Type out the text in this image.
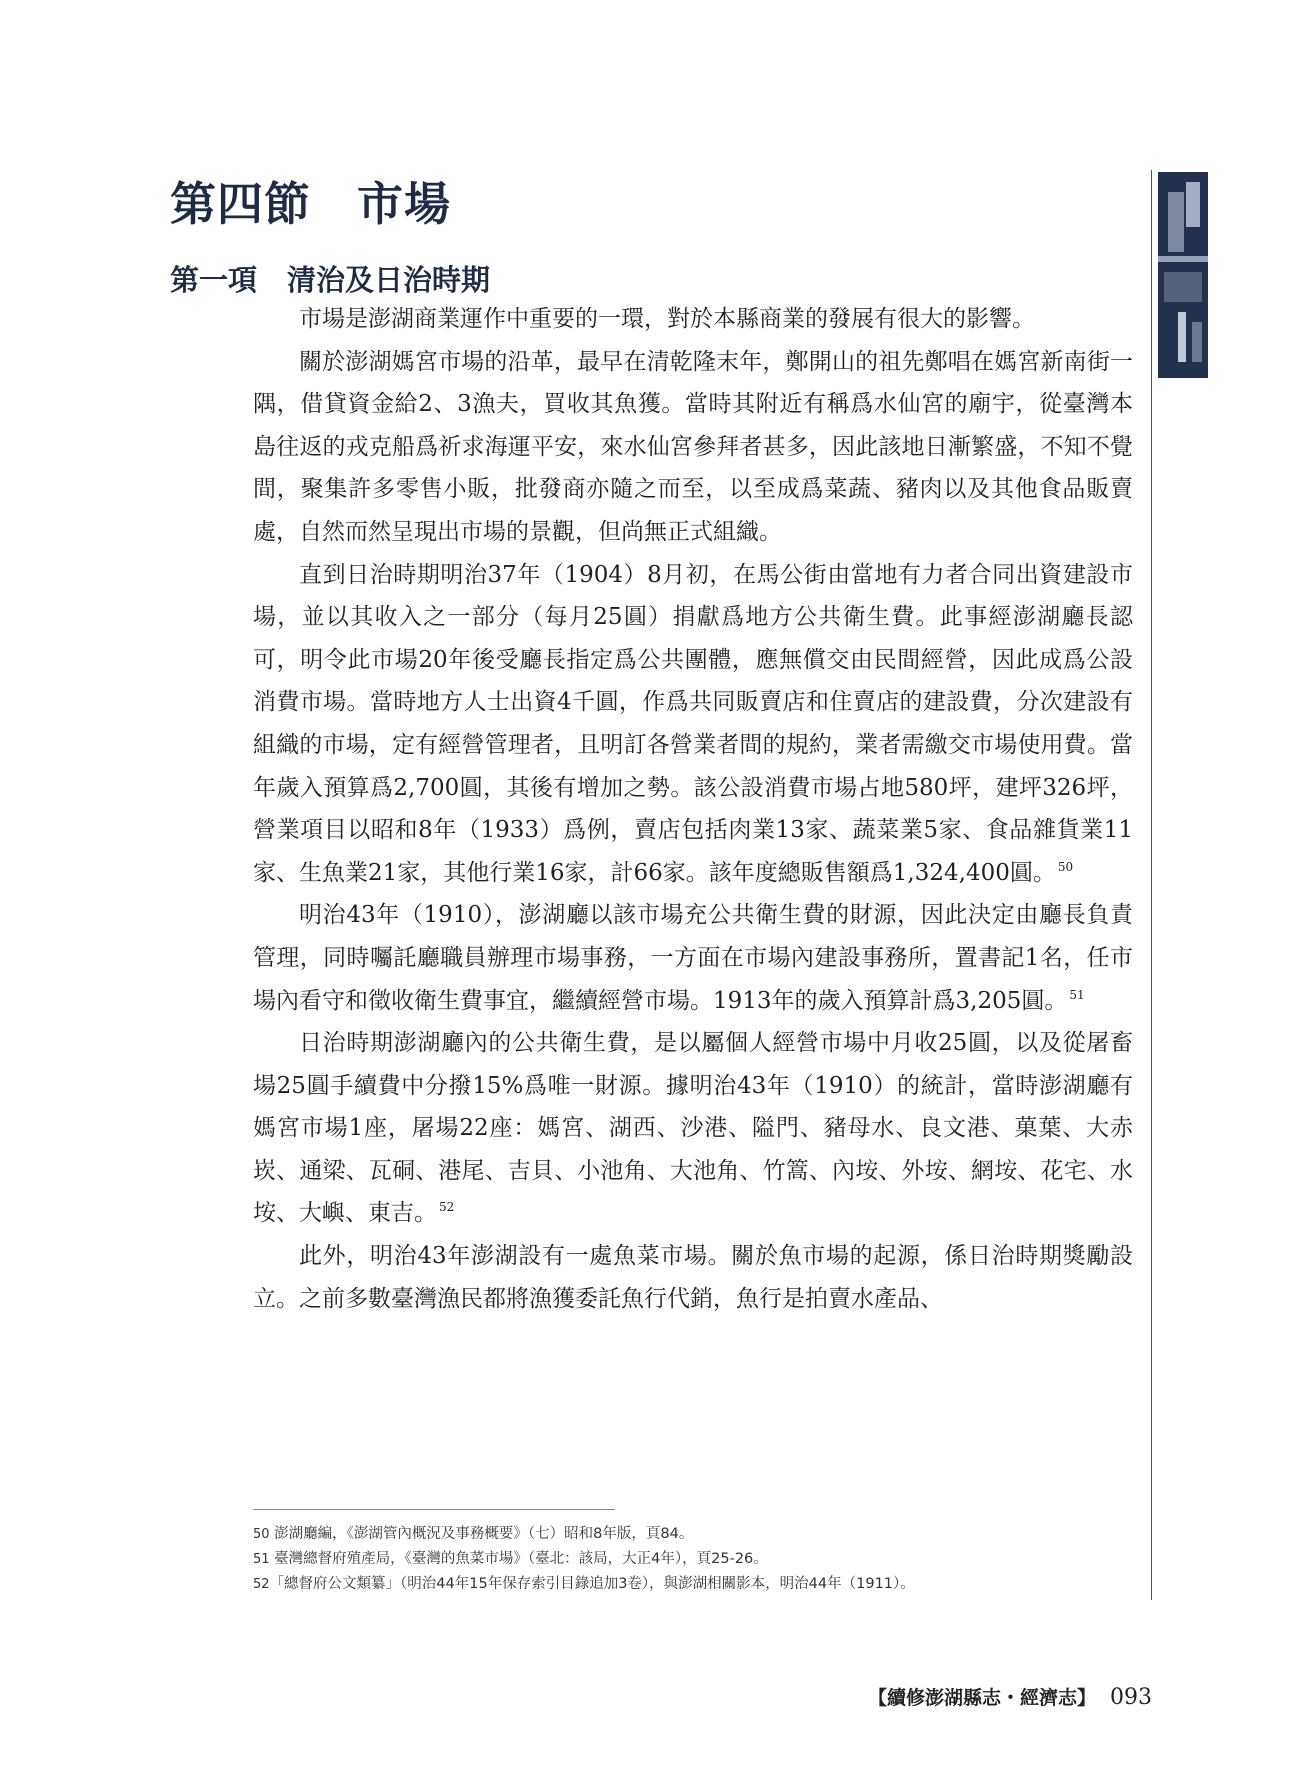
第四節 市場
第一項 清治及日治時期

市場是澎湖商業運作中重要的一環，對於本縣商業的發展有很大的影響。

關於澎湖媽宮市場的沿革，最早在清乾隆末年，鄭開山的祖先鄭唱在媽宮新南街一隅，借貸資金給2、3漁夫，買收其魚獲。當時其附近有稱爲水仙宮的廟宇，從臺灣本島往返的戎克船爲祈求海運平安，來水仙宮參拜者甚多，因此該地日漸繁盛，不知不覺間，聚集許多零售小販，批發商亦隨之而至，以至成爲菜蔬、豬肉以及其他食品販賣處，自然而然呈現出市場的景觀，但尚無正式組織。

直到日治時期明治37年（1904）8月初，在馬公街由當地有力者合同出資建設市場，並以其收入之一部分（每月25圓）捐獻爲地方公共衛生費。此事經澎湖廳長認可，明令此市場20年後受廳長指定爲公共團體，應無償交由民間經營，因此成爲公設消費市場。當時地方人士出資4千圓，作爲共同販賣店和住賣店的建設費，分次建設有組織的市場，定有經營管理者，且明訂各營業者間的規約，業者需繳交市場使用費。當年歲入預算爲2,700圓，其後有增加之勢。該公設消費市場占地580坪，建坪326坪，營業項目以昭和8年（1933）爲例，賣店包括肉業13家、蔬菜業5家、食品雜貨業11家、生魚業21家，其他行業16家，計66家。該年度總販售額爲1,324,400圓。 $^{50}$

明治43年（1910），澎湖廳以該市場充公共衛生費的財源，因此決定由廳長負責管理，同時囑託廳職員辦理市場事務，一方面在市場內建設事務所，置書記1名，任市場內看守和徵收衛生費事宜，繼續經營市場。1913年的歲入預算計爲3,205圓。 $^{51}$

日治時期澎湖廳內的公共衛生費，是以屬個人經營市場中月收25圓，以及從屠畜場25圓手續費中分撥15%爲唯一財源。據明治43年（1910）的統計，當時澎湖廳有媽宮市場1座，屠場22座：媽宮、湖西、沙港、隘門、豬母水、良文港、菓葉、大赤崁、通梁、瓦硐、港尾、吉貝、小池角、大池角、竹篙、內垵、外垵、網垵、花宅、水垵、大嶼、東吉。 $^{52}$

此外，明治43年澎湖設有一處魚菜市場。關於魚市場的起源，係日治時期獎勵設立。之前多數臺灣漁民都將漁獲委託魚行代銷，魚行是拍賣水產品、

50 澎湖廳編，《澎湖管內概況及事務概要》（七）昭和8年版，頁84。
51 臺灣總督府殖產局，《臺灣的魚菜市場》（臺北：該局，大正4年），頁25-26。
52「總督府公文類纂」（明治44年15年保存索引目錄追加3卷），與澎湖相關影本，明治44年（1911）。
【續修澎湖縣志・經濟志】 093
